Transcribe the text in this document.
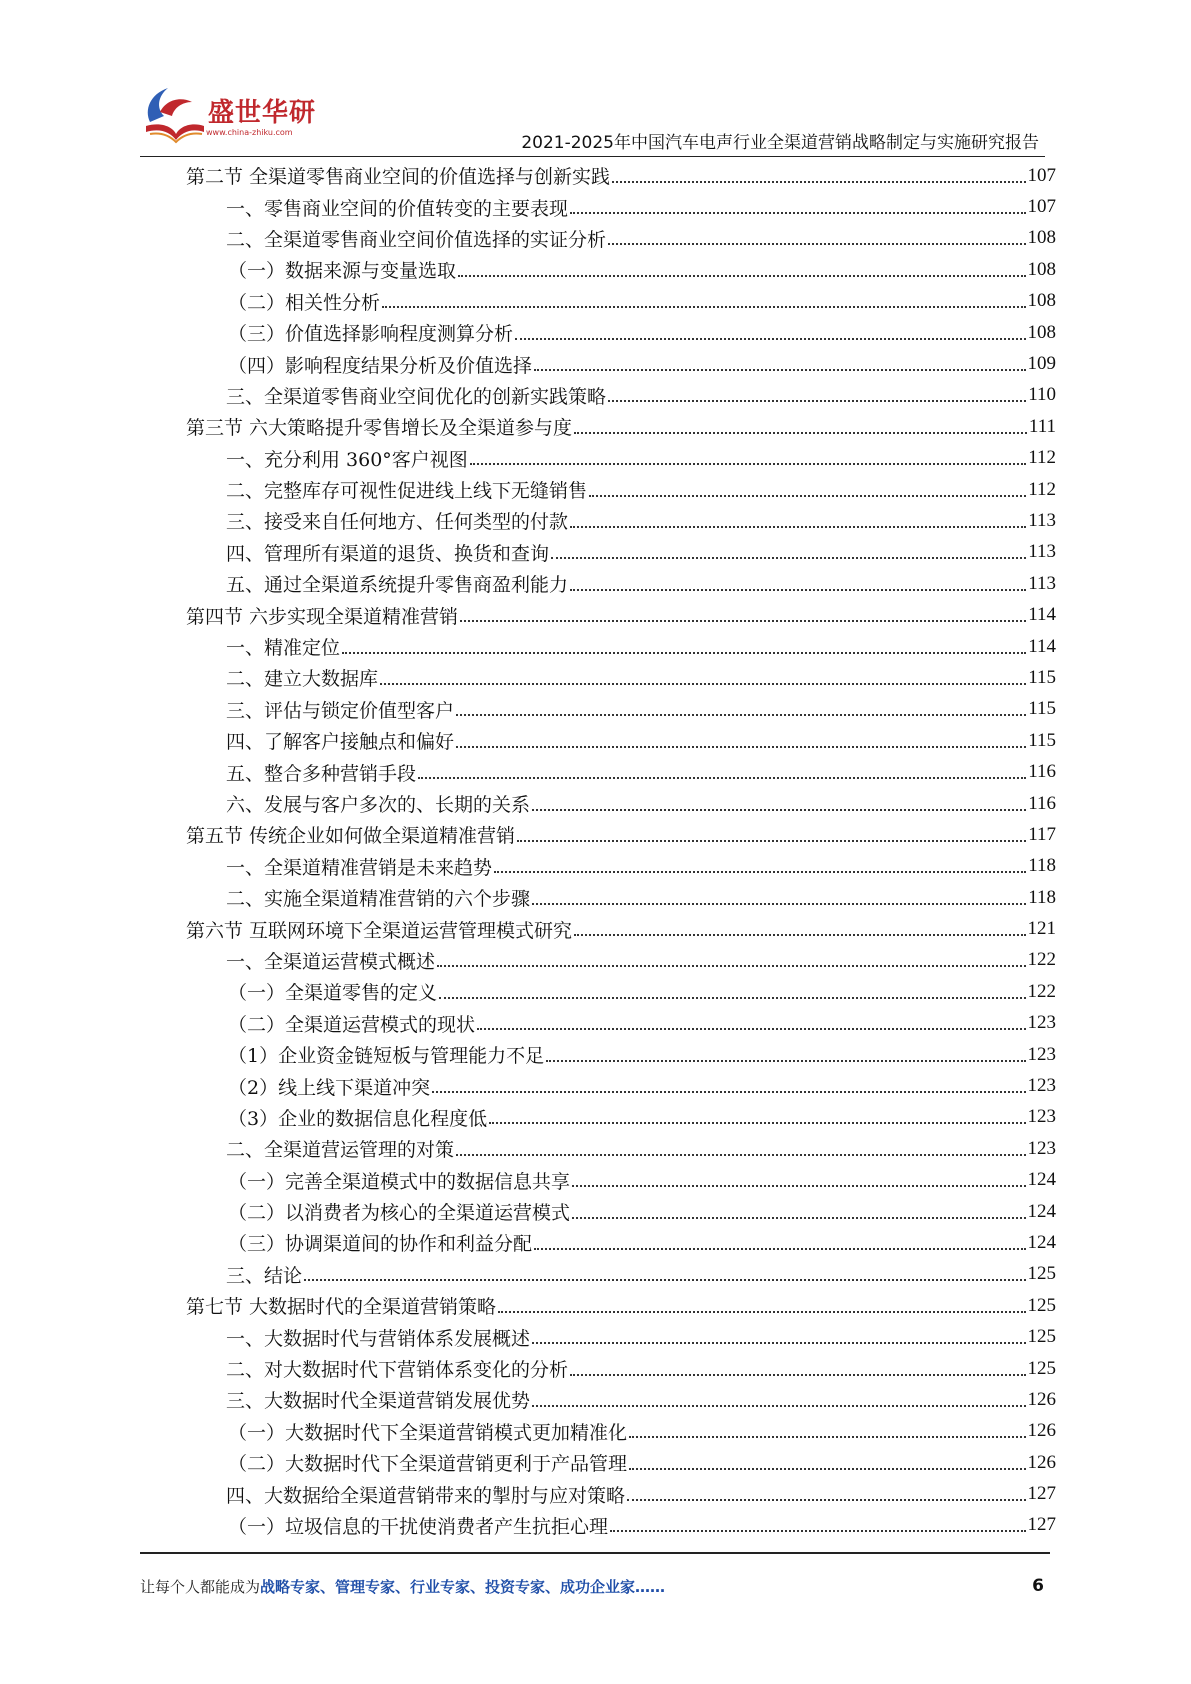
盛世华研
www.china-zhiku.com
2021-2025年中国汽车电声行业全渠道营销战略制定与实施研究报告
第二节 全渠道零售商业空间的价值选择与创新实践	107
一、零售商业空间的价值转变的主要表现	107
二、全渠道零售商业空间价值选择的实证分析	108
（一）数据来源与变量选取	108
（二）相关性分析	108
（三）价值选择影响程度测算分析	108
（四）影响程度结果分析及价值选择	109
三、全渠道零售商业空间优化的创新实践策略	110
第三节 六大策略提升零售增长及全渠道参与度	111
一、充分利用 360°客户视图	112
二、完整库存可视性促进线上线下无缝销售	112
三、接受来自任何地方、任何类型的付款	113
四、管理所有渠道的退货、换货和查询	113
五、通过全渠道系统提升零售商盈利能力	113
第四节 六步实现全渠道精准营销	114
一、精准定位	114
二、建立大数据库	115
三、评估与锁定价值型客户	115
四、了解客户接触点和偏好	115
五、整合多种营销手段	116
六、发展与客户多次的、长期的关系	116
第五节 传统企业如何做全渠道精准营销	117
一、全渠道精准营销是未来趋势	118
二、实施全渠道精准营销的六个步骤	118
第六节 互联网环境下全渠道运营管理模式研究	121
一、全渠道运营模式概述	122
（一）全渠道零售的定义	122
（二）全渠道运营模式的现状	123
（1）企业资金链短板与管理能力不足	123
（2）线上线下渠道冲突	123
（3）企业的数据信息化程度低	123
二、全渠道营运管理的对策	123
（一）完善全渠道模式中的数据信息共享	124
（二）以消费者为核心的全渠道运营模式	124
（三）协调渠道间的协作和利益分配	124
三、结论	125
第七节 大数据时代的全渠道营销策略	125
一、大数据时代与营销体系发展概述	125
二、对大数据时代下营销体系变化的分析	125
三、大数据时代全渠道营销发展优势	126
（一）大数据时代下全渠道营销模式更加精准化	126
（二）大数据时代下全渠道营销更利于产品管理	126
四、大数据给全渠道营销带来的掣肘与应对策略	127
（一）垃圾信息的干扰使消费者产生抗拒心理	127
让每个人都能成为战略专家、管理专家、行业专家、投资专家、成功企业家……	6
